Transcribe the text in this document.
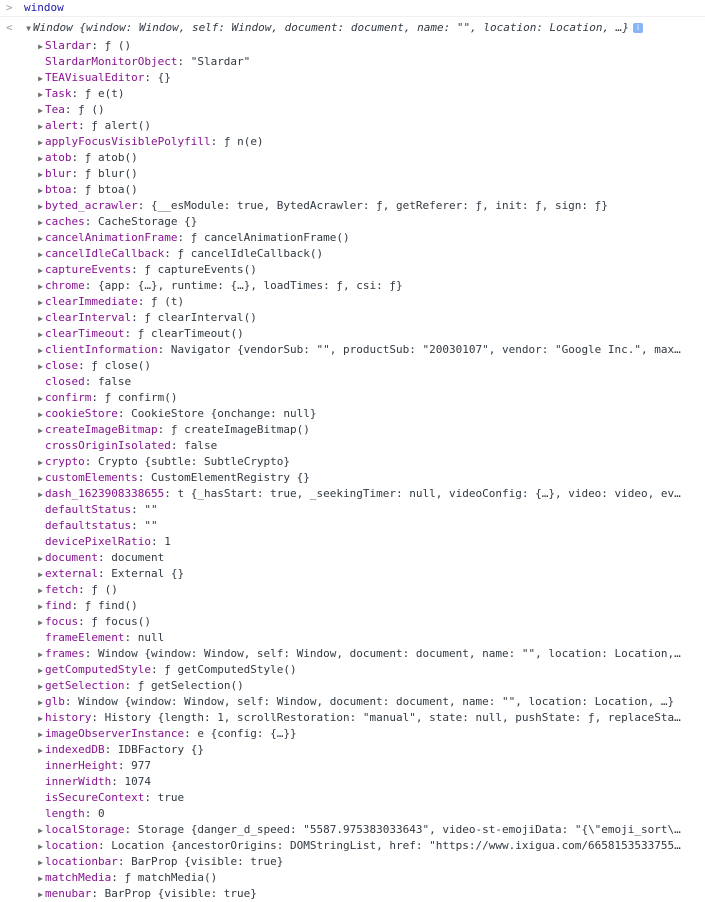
>	window
<	▼ Window {window: Window, self: Window, document: document, name: "", location: Location, …} i
▶ Slardar: ƒ ()
SlardarMonitorObject: "Slardar"
▶ TEAVisualEditor: {}
▶ Task: ƒ e(t)
▶ Tea: ƒ ()
▶ alert: ƒ alert()
▶ applyFocusVisiblePolyfill: ƒ n(e)
▶ atob: ƒ atob()
▶ blur: ƒ blur()
▶ btoa: ƒ btoa()
▶ byted_acrawler: {__esModule: true, BytedAcrawler: ƒ, getReferer: ƒ, init: ƒ, sign: ƒ}
▶ caches: CacheStorage {}
▶ cancelAnimationFrame: ƒ cancelAnimationFrame()
▶ cancelIdleCallback: ƒ cancelIdleCallback()
▶ captureEvents: ƒ captureEvents()
▶ chrome: {app: {…}, runtime: {…}, loadTimes: ƒ, csi: ƒ}
▶ clearImmediate: ƒ (t)
▶ clearInterval: ƒ clearInterval()
▶ clearTimeout: ƒ clearTimeout()
▶ clientInformation: Navigator {vendorSub: "", productSub: "20030107", vendor: "Google Inc.", max…
▶ close: ƒ close()
closed: false
▶ confirm: ƒ confirm()
▶ cookieStore: CookieStore {onchange: null}
▶ createImageBitmap: ƒ createImageBitmap()
crossOriginIsolated: false
▶ crypto: Crypto {subtle: SubtleCrypto}
▶ customElements: CustomElementRegistry {}
▶ dash_1623908338655: t {_hasStart: true, _seekingTimer: null, videoConfig: {…}, video: video, ev…
defaultStatus: ""
defaultstatus: ""
devicePixelRatio: 1
▶ document: document
▶ external: External {}
▶ fetch: ƒ ()
▶ find: ƒ find()
▶ focus: ƒ focus()
frameElement: null
▶ frames: Window {window: Window, self: Window, document: document, name: "", location: Location,…
▶ getComputedStyle: ƒ getComputedStyle()
▶ getSelection: ƒ getSelection()
▶ glb: Window {window: Window, self: Window, document: document, name: "", location: Location, …}
▶ history: History {length: 1, scrollRestoration: "manual", state: null, pushState: ƒ, replaceSta…
▶ imageObserverInstance: e {config: {…}}
▶ indexedDB: IDBFactory {}
innerHeight: 977
innerWidth: 1074
isSecureContext: true
length: 0
▶ localStorage: Storage {danger_d_speed: "5587.975383033643", video-st-emojiData: "{\"emoji_sort\…
▶ location: Location {ancestorOrigins: DOMStringList, href: "https://www.ixigua.com/6658153533755…
▶ locationbar: BarProp {visible: true}
▶ matchMedia: ƒ matchMedia()
▶ menubar: BarProp {visible: true}
